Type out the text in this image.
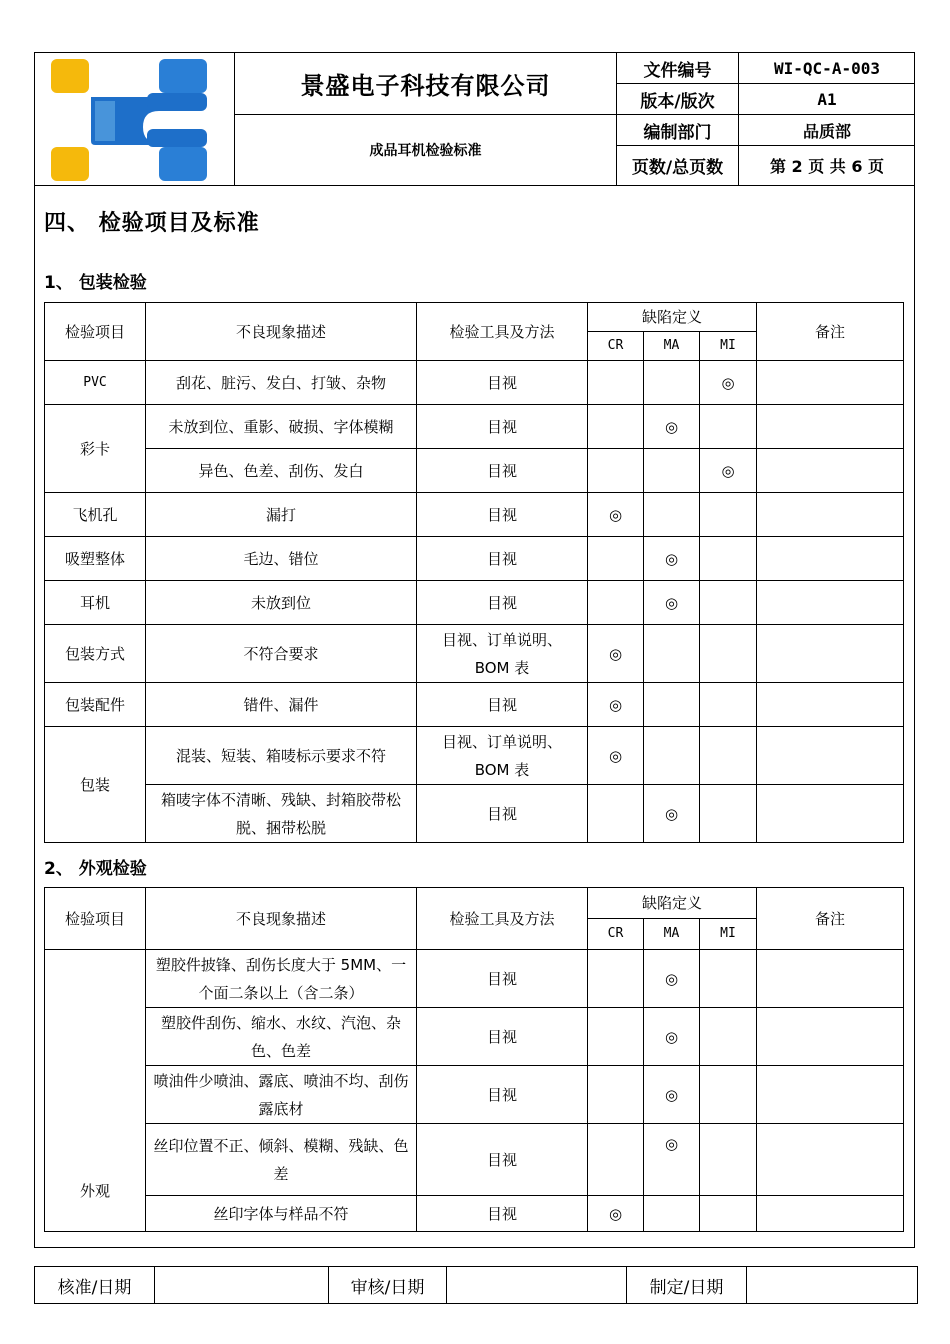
景盛电子科技有限公司
成品耳机检验标准
文件编号	WI-QC-A-003
版本/版次	A1
编制部门	品质部
页数/总页数	第 2 页 共 6 页
四、 检验项目及标准
1、 包装检验
检验项目	不良现象描述	检验工具及方法	缺陷定义			备注
			CR	MA	MI	
PVC	刮花、脏污、发白、打皱、杂物	目视			◎	
彩卡	未放到位、重影、破损、字体模糊	目视		◎		
	异色、色差、刮伤、发白	目视			◎	
飞机孔	漏打	目视	◎			
吸塑整体	毛边、错位	目视		◎		
耳机	未放到位	目视		◎		
包装方式	不符合要求	目视、订单说明、BOM 表	◎			
包装配件	错件、漏件	目视	◎			
包装	混装、短装、箱唛标示要求不符	目视、订单说明、BOM 表	◎			
	箱唛字体不清晰、残缺、封箱胶带松脱、捆带松脱	目视		◎		
2、 外观检验
检验项目	不良现象描述	检验工具及方法	缺陷定义			备注
			CR	MA	MI	
外观	塑胶件披锋、刮伤长度大于 5MM、一个面二条以上（含二条）	目视		◎		
	塑胶件刮伤、缩水、水纹、汽泡、杂色、色差	目视		◎		
	喷油件少喷油、露底、喷油不均、刮伤露底材	目视		◎		
	丝印位置不正、倾斜、模糊、残缺、色差	目视		◎		
	丝印字体与样品不符	目视	◎			
核准/日期	审核/日期	制定/日期
